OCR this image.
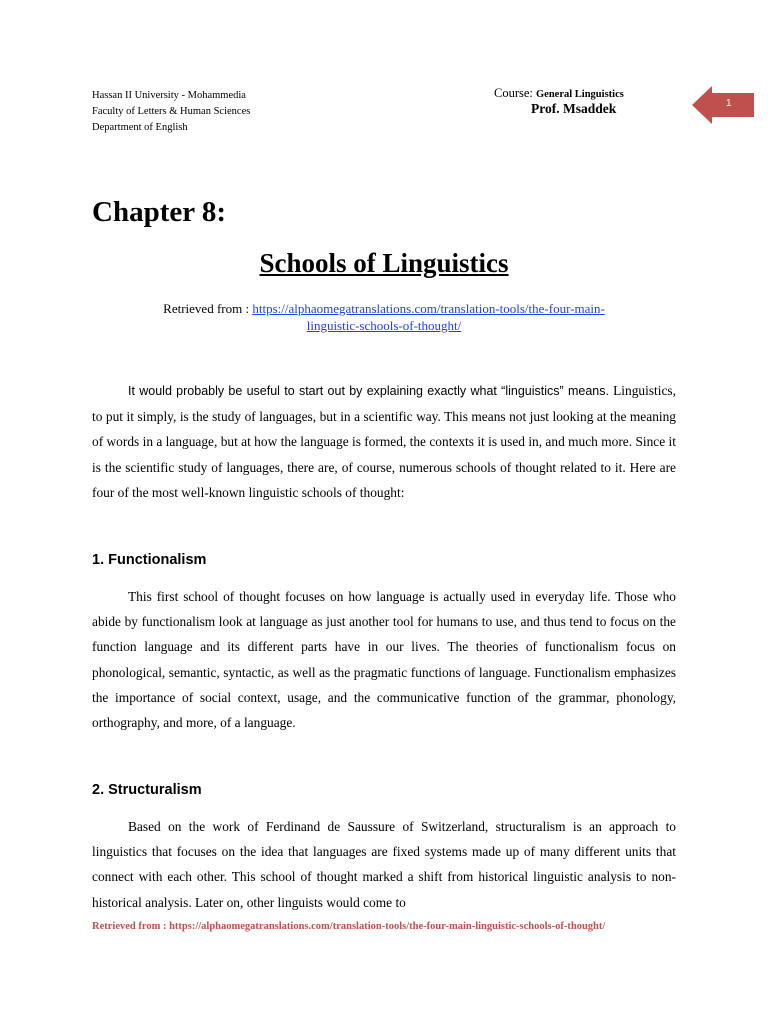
Hassan II University - Mohammedia
Faculty of Letters & Human Sciences
Department of English
Course: General Linguistics
Prof. Msaddek	1
Chapter 8:
Schools of Linguistics
Retrieved from : https://alphaomegatranslations.com/translation-tools/the-four-main-
linguistic-schools-of-thought/

It would probably be useful to start out by explaining exactly what “linguistics” means. Linguistics, to put it simply, is the study of languages, but in a scientific way. This means not just looking at the meaning of words in a language, but at how the language is formed, the contexts it is used in, and much more. Since it is the scientific study of languages, there are, of course, numerous schools of thought related to it. Here are four of the most well-known linguistic schools of thought:

1. Functionalism

This first school of thought focuses on how language is actually used in everyday life. Those who abide by functionalism look at language as just another tool for humans to use, and thus tend to focus on the function language and its different parts have in our lives. The theories of functionalism focus on phonological, semantic, syntactic, as well as the pragmatic functions of language. Functionalism emphasizes the importance of social context, usage, and the communicative function of the grammar, phonology, orthography, and more, of a language.

2. Structuralism

Based on the work of Ferdinand de Saussure of Switzerland, structuralism is an approach to linguistics that focuses on the idea that languages are fixed systems made up of many different units that connect with each other. This school of thought marked a shift from historical linguistic analysis to non-historical analysis. Later on, other linguists would come to

Retrieved from : https://alphaomegatranslations.com/translation-tools/the-four-main-linguistic-schools-of-thought/
